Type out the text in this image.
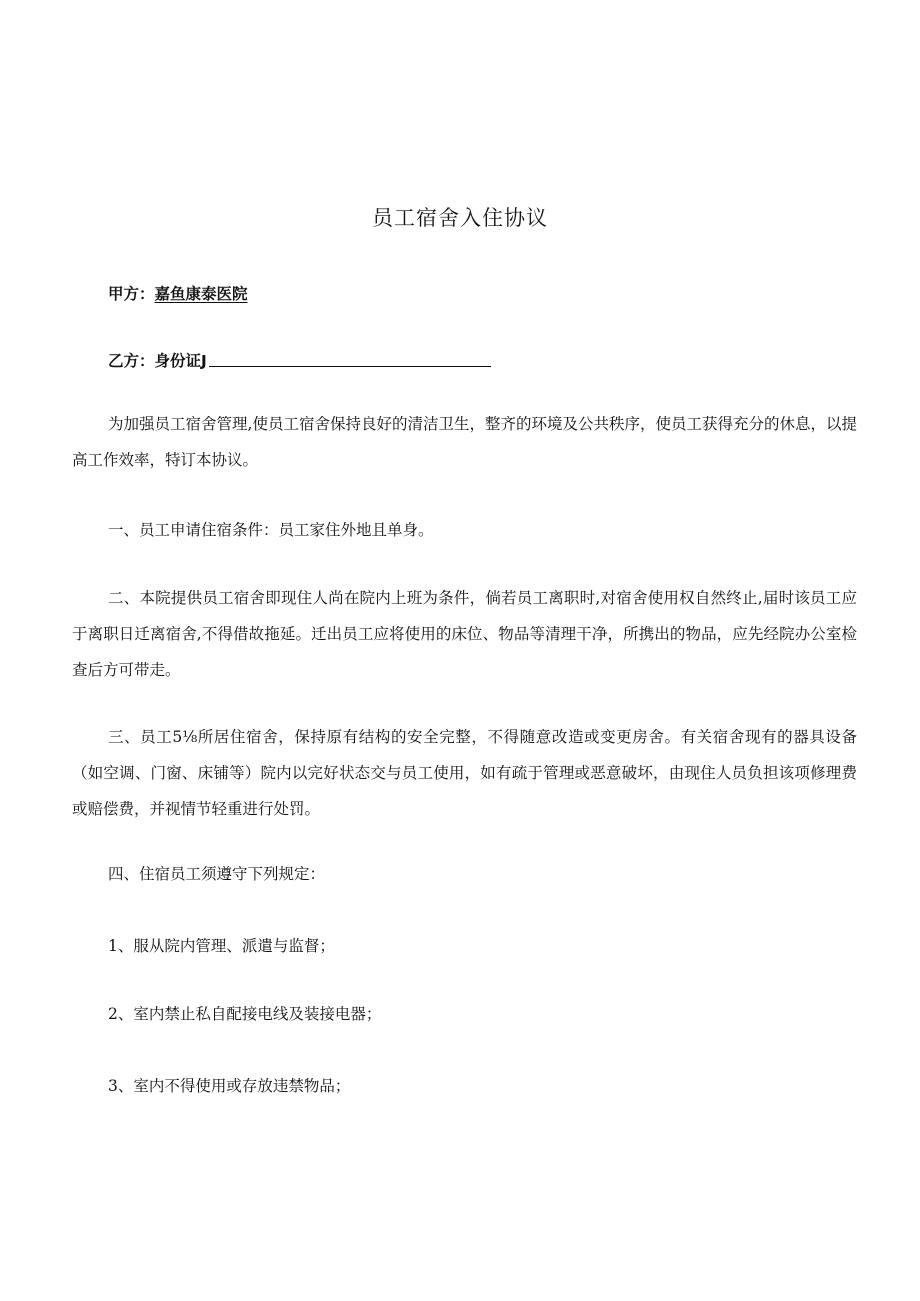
员工宿舍入住协议
甲方：嘉鱼康泰医院
乙方：身份证J

为加强员工宿舍管理,使员工宿舍保持良好的清洁卫生，整齐的环境及公共秩序，使员工获得充分的休息，以提高工作效率，特订本协议。

一、员工申请住宿条件：员工家住外地且单身。

二、本院提供员工宿舍即现住人尚在院内上班为条件，倘若员工离职时,对宿舍使用权自然终止,届时该员工应于离职日迁离宿舍,不得借故拖延。迁出员工应将使用的床位、物品等清理干净，所携出的物品，应先经院办公室检查后方可带走。

三、员工5⅛所居住宿舍，保持原有结构的安全完整，不得随意改造或变更房舍。有关宿舍现有的器具设备（如空调、门窗、床铺等）院内以完好状态交与员工使用，如有疏于管理或恶意破坏，由现住人员负担该项修理费或赔偿费，并视情节轻重进行处罚。

四、住宿员工须遵守下列规定：

1、服从院内管理、派遣与监督；

2、室内禁止私自配接电线及装接电器；

3、室内不得使用或存放违禁物品；
